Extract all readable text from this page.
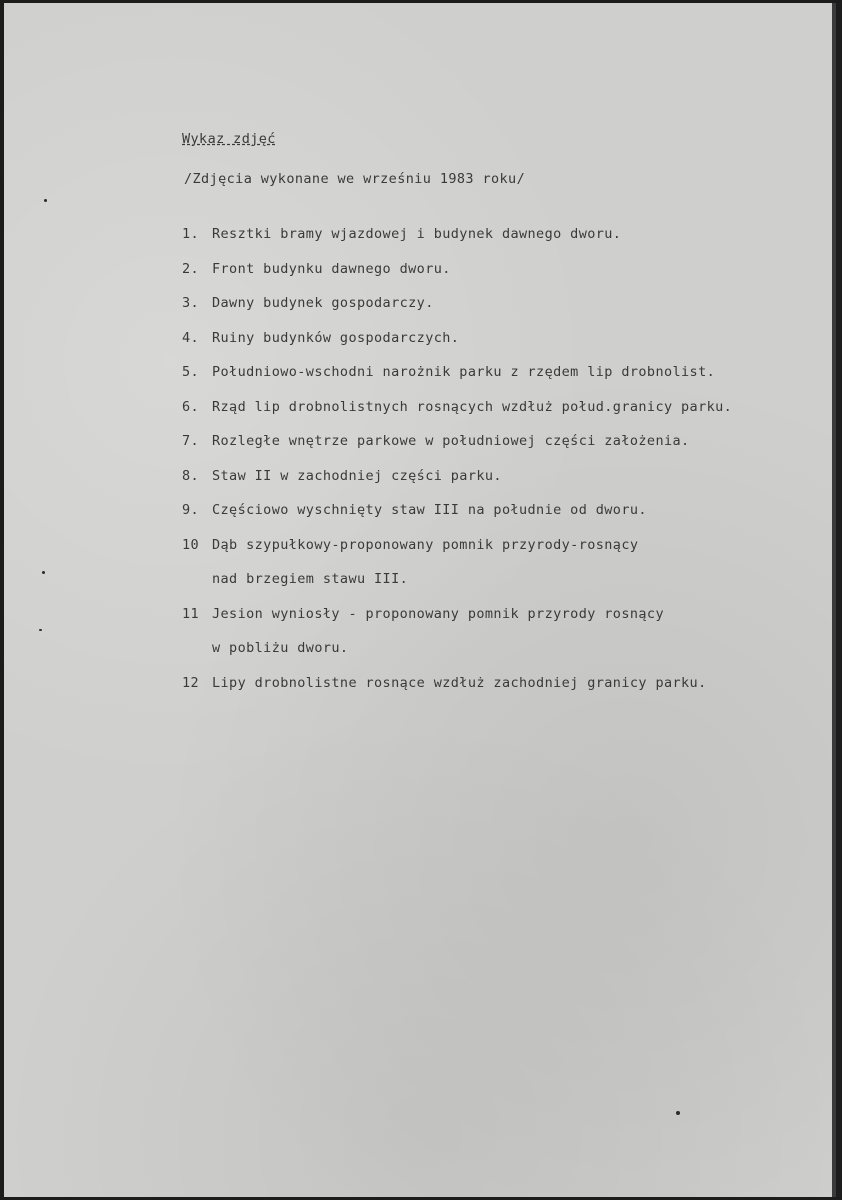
Wykaz zdjęć
/Zdjęcia wykonane we wrześniu 1983 roku/
1. Resztki bramy wjazdowej i budynek dawnego dworu.
2. Front budynku dawnego dworu.
3. Dawny budynek gospodarczy.
4. Ruiny budynków gospodarczych.
5. Południowo-wschodni narożnik parku z rzędem lip drobnolist.
6. Rząd lip drobnolistnych rosnących wzdłuż połud.granicy parku.
7. Rozległe wnętrze parkowe w południowej części założenia.
8. Staw II w zachodniej części parku.
9. Częściowo wyschnięty staw III na południe od dworu.
10 Dąb szypułkowy-proponowany pomnik przyrody-rosnący
nad brzegiem stawu III.
11 Jesion wyniosły - proponowany pomnik przyrody rosnący
w pobliżu dworu.
12 Lipy drobnolistne rosnące wzdłuż zachodniej granicy parku.
